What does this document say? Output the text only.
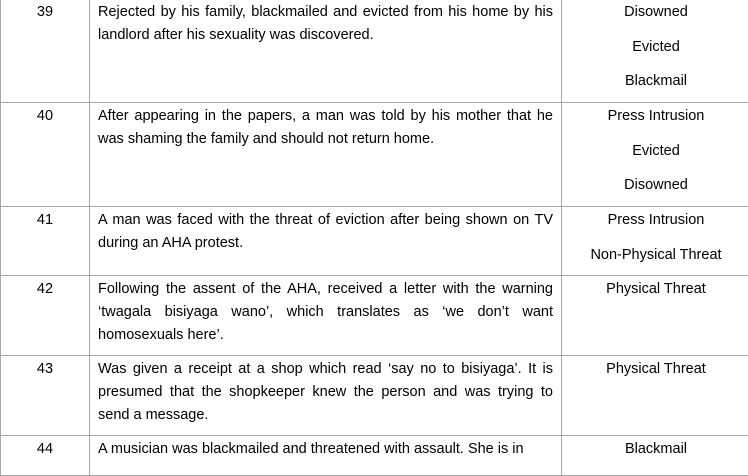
39	Rejected by his family, blackmailed and evicted from his home by his landlord after his sexuality was discovered.	Disowned
Evicted
Blackmail

40	After appearing in the papers, a man was told by his mother that he was shaming the family and should not return home.	Press Intrusion
Evicted
Disowned

41	A man was faced with the threat of eviction after being shown on TV during an AHA protest.	Press Intrusion
Non-Physical Threat

42	Following the assent of the AHA, received a letter with the warning ‘twagala bisiyaga wano’, which translates as ‘we don’t want homosexuals here’.	Physical Threat

43	Was given a receipt at a shop which read ‘say no to bisiyaga’. It is presumed that the shopkeeper knew the person and was trying to send a message.	Physical Threat

44	A musician was blackmailed and threatened with assault. She is in	Blackmail
